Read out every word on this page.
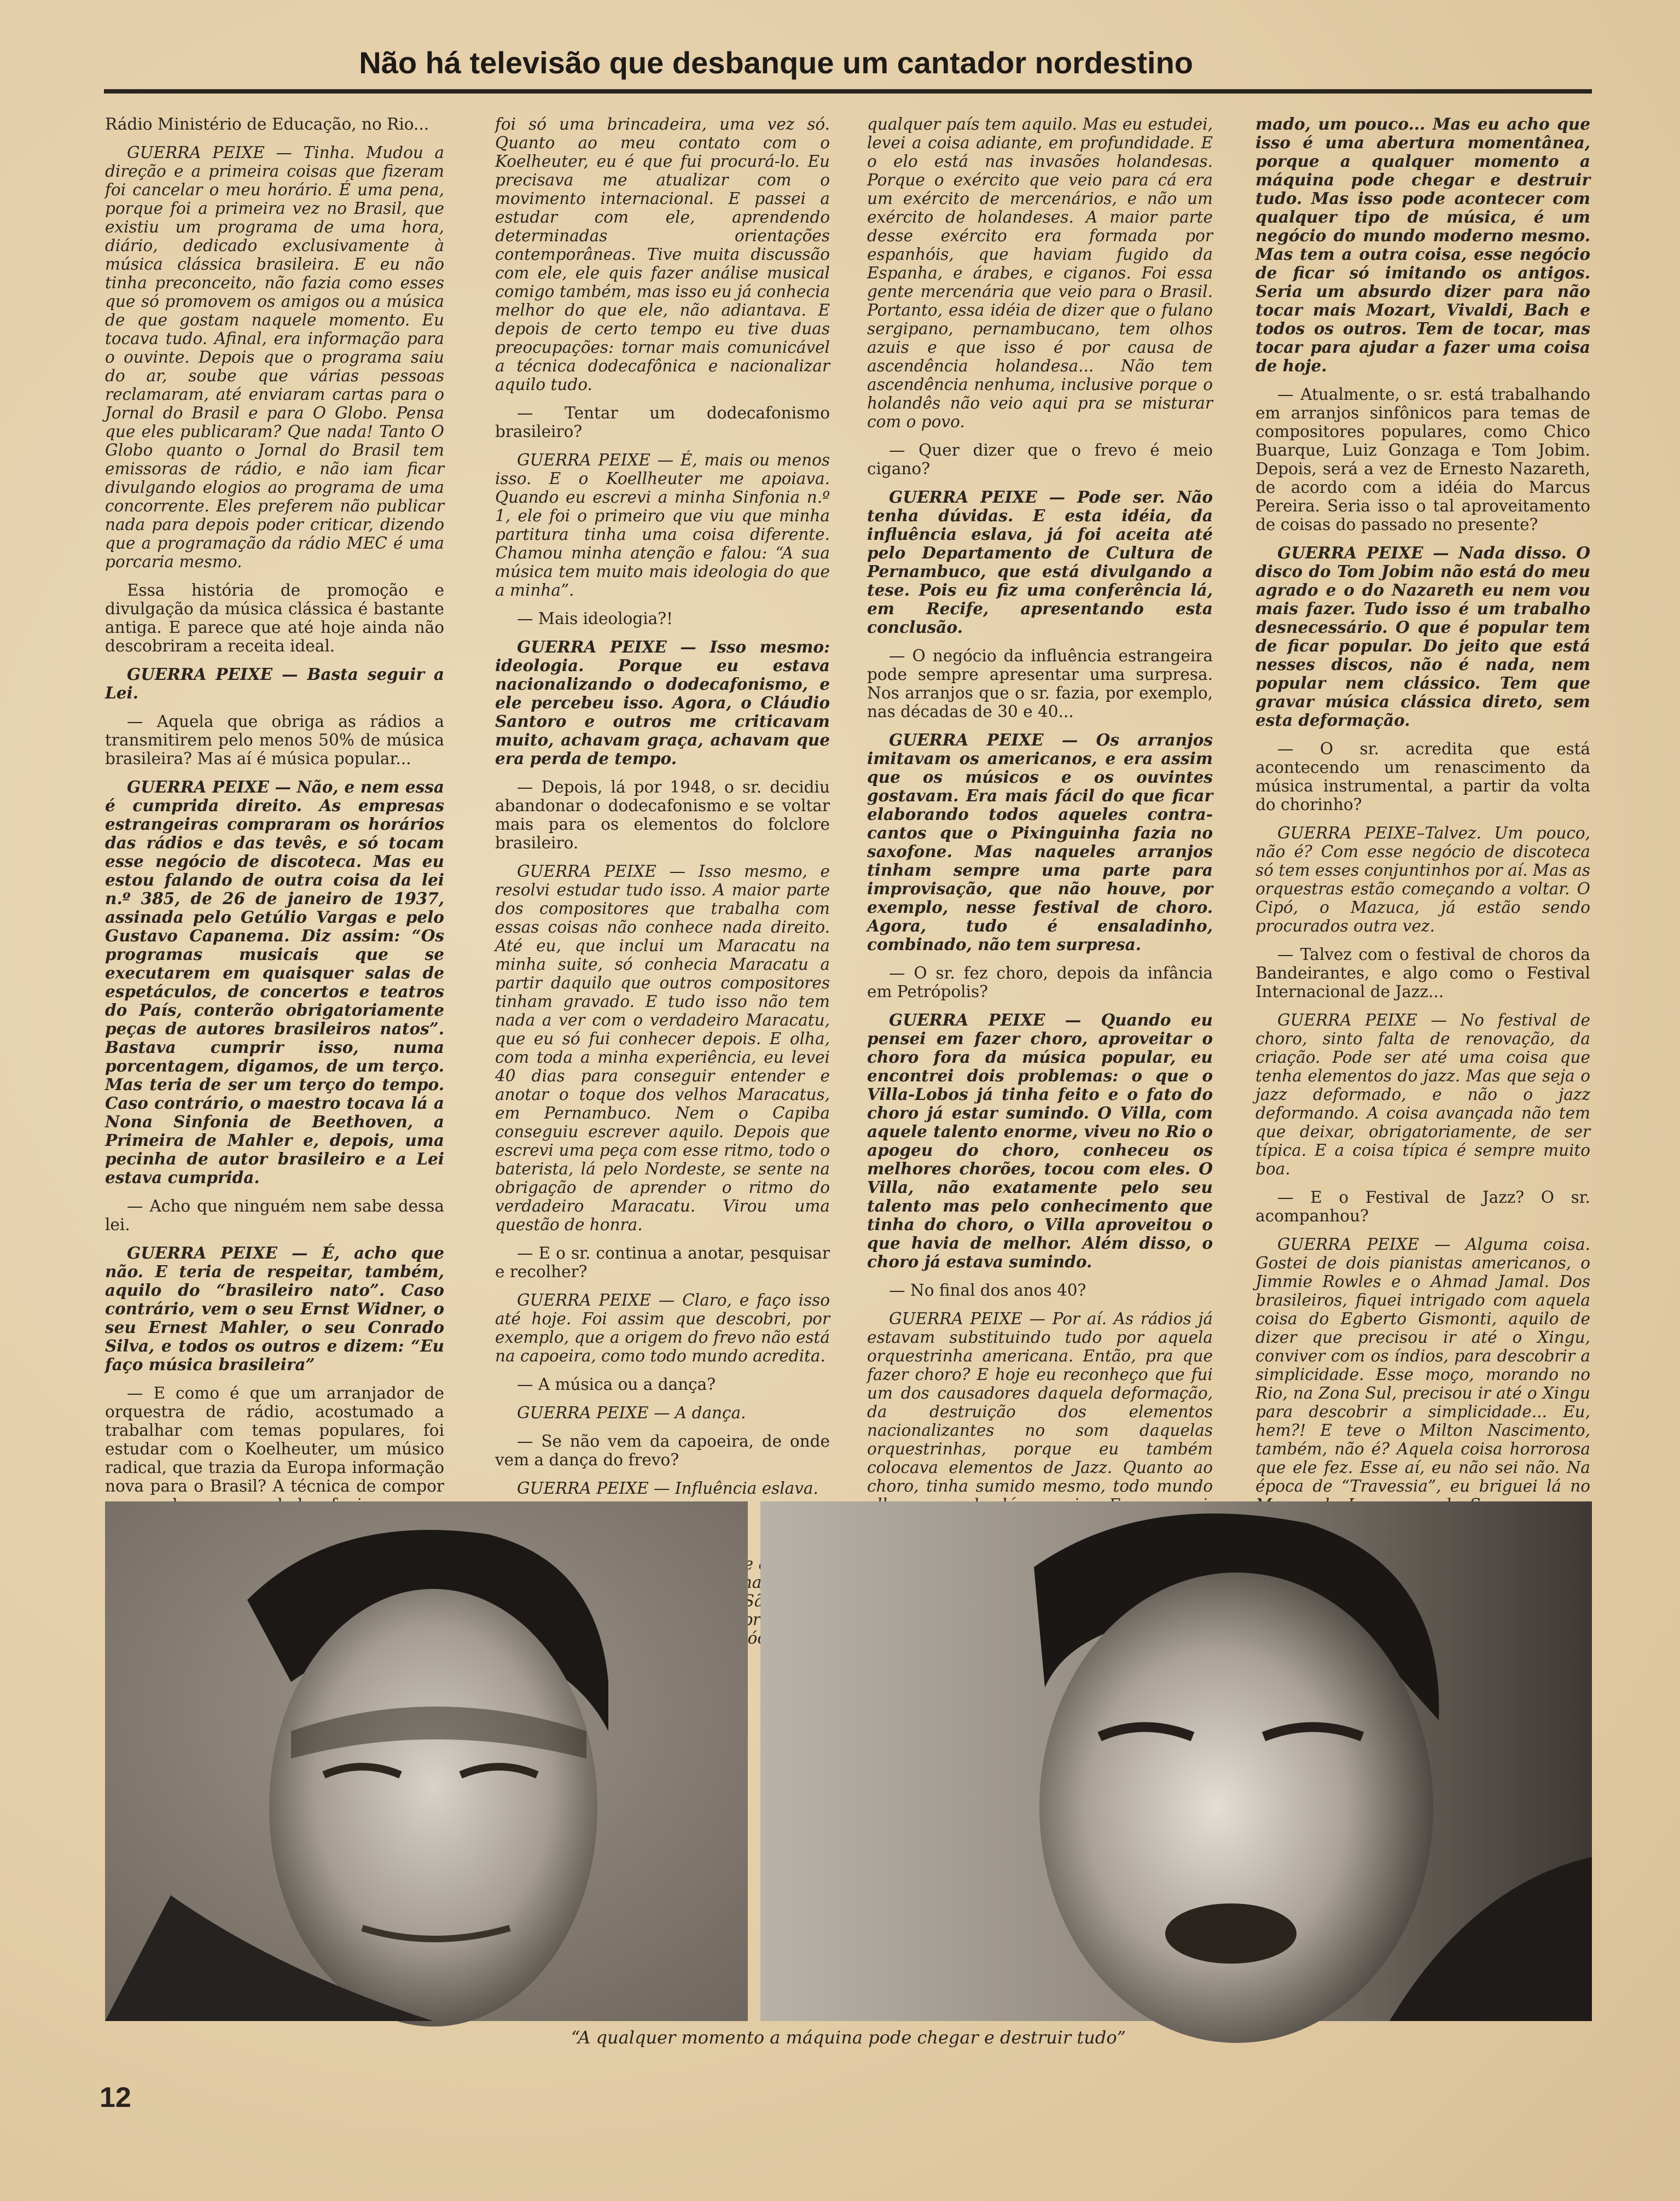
Não há televisão que desbanque um cantador nordestino

Rádio Ministério de Educação, no Rio...

GUERRA PEIXE — Tinha. Mudou a direção e a primeira coisas que fizeram foi cancelar o meu horário. É uma pena, porque foi a primeira vez no Brasil, que existiu um programa de uma hora, diário, dedicado exclusivamente à música clássica brasileira. E eu não tinha preconceito, não fazia como esses que só promovem os amigos ou a música de que gostam naquele momento. Eu tocava tudo. Afinal, era informação para o ouvinte. Depois que o programa saiu do ar, soube que várias pessoas reclamaram, até enviaram cartas para o Jornal do Brasil e para O Globo. Pensa que eles publicaram? Que nada! Tanto O Globo quanto o Jornal do Brasil tem emissoras de rádio, e não iam ficar divulgando elogios ao programa de uma concorrente. Eles preferem não publicar nada para depois poder criticar, dizendo que a programação da rádio MEC é uma porcaria mesmo.

Essa história de promoção e divulgação da música clássica é bastante antiga. E parece que até hoje ainda não descobriram a receita ideal.

GUERRA PEIXE — Basta seguir a Lei.

— Aquela que obriga as rádios a transmitirem pelo menos 50% de música brasileira? Mas aí é música popular...

GUERRA PEIXE — Não, e nem essa é cumprida direito. As empresas estrangeiras compraram os horários das rádios e das tevês, e só tocam esse negócio de discoteca. Mas eu estou falando de outra coisa da lei n.º 385, de 26 de janeiro de 1937, assinada pelo Getúlio Vargas e pelo Gustavo Capanema. Diz assim: “Os programas musicais que se executarem em quaisquer salas de espetáculos, de concertos e teatros do País, conterão obrigatoriamente peças de autores brasileiros natos”. Bastava cumprir isso, numa porcentagem, digamos, de um terço. Mas teria de ser um terço do tempo. Caso contrário, o maestro tocava lá a Nona Sinfonia de Beethoven, a Primeira de Mahler e, depois, uma pecinha de autor brasileiro e a Lei estava cumprida.

— Acho que ninguém nem sabe dessa lei.

GUERRA PEIXE — É, acho que não. E teria de respeitar, também, aquilo do “brasileiro nato”. Caso contrário, vem o seu Ernst Widner, o seu Ernest Mahler, o seu Conrado Silva, e todos os outros e dizem: “Eu faço música brasileira”

— E como é que um arranjador de orquestra de rádio, acostumado a trabalhar com temas populares, foi estudar com o Koelheuter, um músico radical, que trazia da Europa informação nova para o Brasil? A técnica de compor

foi só uma brincadeira, uma vez só. Quanto ao meu contato com o Koelheuter, eu é que fui procurá-lo. Eu precisava me atualizar com o movimento internacional. E passei a estudar com ele, aprendendo determinadas orientações contemporâneas. Tive muita discussão com ele, ele quis fazer análise musical comigo também, mas isso eu já conhecia melhor do que ele, não adiantava. E depois de certo tempo eu tive duas preocupações: tornar mais comunicável a técnica dodecafônica e nacionalizar aquilo tudo.

— Tentar um dodecafonismo brasileiro?

GUERRA PEIXE — É, mais ou menos isso. E o Koellheuter me apoiava. Quando eu escrevi a minha Sinfonia n.º 1, ele foi o primeiro que viu que minha partitura tinha uma coisa diferente. Chamou minha atenção e falou: “A sua música tem muito mais ideologia do que a minha”.

— Mais ideologia?!

GUERRA PEIXE — Isso mesmo: ideologia. Porque eu estava nacionalizando o dodecafonismo, e ele percebeu isso. Agora, o Cláudio Santoro e outros me criticavam muito, achavam graça, achavam que era perda de tempo.

— Depois, lá por 1948, o sr. decidiu abandonar o dodecafonismo e se voltar mais para os elementos do folclore brasileiro.

GUERRA PEIXE — Isso mesmo, e resolvi estudar tudo isso. A maior parte dos compositores que trabalha com essas coisas não conhece nada direito. Até eu, que inclui um Maracatu na minha suite, só conhecia Maracatu a partir daquilo que outros compositores tinham gravado. E tudo isso não tem nada a ver com o verdadeiro Maracatu, que eu só fui conhecer depois. E olha, com toda a minha experiência, eu levei 40 dias para conseguir entender e anotar o toque dos velhos Maracatus, em Pernambuco. Nem o Capiba conseguiu escrever aquilo. Depois que escrevi uma peça com esse ritmo, todo o baterista, lá pelo Nordeste, se sente na obrigação de aprender o ritmo do verdadeiro Maracatu. Virou uma questão de honra.

— E o sr. continua a anotar, pesquisar e recolher?

GUERRA PEIXE — Claro, e faço isso até hoje. Foi assim que descobri, por exemplo, que a origem do frevo não está na capoeira, como todo mundo acredita.

— A música ou a dança?

GUERRA PEIXE — A dança.

— Se não vem da capoeira, de onde vem a dança do frevo?

GUERRA PEIXE — Influência eslava.

na São negócio

qualquer país tem aquilo. Mas eu estudei, levei a coisa adiante, em profundidade. E o elo está nas invasões holandesas. Porque o exército que veio para cá era um exército de mercenários, e não um exército de holandeses. A maior parte desse exército era formada por espanhóis, que haviam fugido da Espanha, e árabes, e ciganos. Foi essa gente mercenária que veio para o Brasil. Portanto, essa idéia de dizer que o fulano sergipano, pernambucano, tem olhos azuis e que isso é por causa de ascendência holandesa... Não tem ascendência nenhuma, inclusive porque o holandês não veio aqui pra se misturar com o povo.

— Quer dizer que o frevo é meio cigano?

GUERRA PEIXE — Pode ser. Não tenha dúvidas. E esta idéia, da influência eslava, já foi aceita até pelo Departamento de Cultura de Pernambuco, que está divulgando a tese. Pois eu fiz uma conferência lá, em Recife, apresentando esta conclusão.

— O negócio da influência estrangeira pode sempre apresentar uma surpresa. Nos arranjos que o sr. fazia, por exemplo, nas décadas de 30 e 40...

GUERRA PEIXE — Os arranjos imitavam os americanos, e era assim que os músicos e os ouvintes gostavam. Era mais fácil do que ficar elaborando todos aqueles contra-cantos que o Pixinguinha fazia no saxofone. Mas naqueles arranjos tinham sempre uma parte para improvisação, que não houve, por exemplo, nesse festival de choro. Agora, tudo é ensaladinho, combinado, não tem surpresa.

— O sr. fez choro, depois da infância em Petrópolis?

GUERRA PEIXE — Quando eu pensei em fazer choro, aproveitar o choro fora da música popular, eu encontrei dois problemas: o que o Villa-Lobos já tinha feito e o fato do choro já estar sumindo. O Villa, com aquele talento enorme, viveu no Rio o apogeu do choro, conheceu os melhores chorões, tocou com eles. O Villa, não exatamente pelo seu talento mas pelo conhecimento que tinha do choro, o Villa aproveitou o que havia de melhor. Além disso, o choro já estava sumindo.

— No final dos anos 40?

GUERRA PEIXE — Por aí. As rádios já estavam substituindo tudo por aquela orquestrinha americana. Então, pra que fazer choro? E hoje eu reconheço que fui um dos causadores daquela deformação, da destruição dos elementos nacionalizantes no som daquelas orquestrinhas, porque eu também colocava elementos de Jazz. Quanto ao choro, tinha sumido mesmo, todo mundo

mado, um pouco... Mas eu acho que isso é uma abertura momentânea, porque a qualquer momento a máquina pode chegar e destruir tudo. Mas isso pode acontecer com qualquer tipo de música, é um negócio do mundo moderno mesmo. Mas tem a outra coisa, esse negócio de ficar só imitando os antigos. Seria um absurdo dizer para não tocar mais Mozart, Vivaldi, Bach e todos os outros. Tem de tocar, mas tocar para ajudar a fazer uma coisa de hoje.

— Atualmente, o sr. está trabalhando em arranjos sinfônicos para temas de compositores populares, como Chico Buarque, Luiz Gonzaga e Tom Jobim. Depois, será a vez de Ernesto Nazareth, de acordo com a idéia do Marcus Pereira. Seria isso o tal aproveitamento de coisas do passado no presente?

GUERRA PEIXE — Nada disso. O disco do Tom Jobim não está do meu agrado e o do Nazareth eu nem vou mais fazer. Tudo isso é um trabalho desnecessário. O que é popular tem de ficar popular. Do jeito que está nesses discos, não é nada, nem popular nem clássico. Tem que gravar música clássica direto, sem esta deformação.

— O sr. acredita que está acontecendo um renascimento da música instrumental, a partir da volta do chorinho?

GUERRA PEIXE–Talvez. Um pouco, não é? Com esse negócio de discoteca só tem esses conjuntinhos por aí. Mas as orquestras estão começando a voltar. O Cipó, o Mazuca, já estão sendo procurados outra vez.

— Talvez com o festival de choros da Bandeirantes, e algo como o Festival Internacional de Jazz...

GUERRA PEIXE — No festival de choro, sinto falta de renovação, da criação. Pode ser até uma coisa que tenha elementos do jazz. Mas que seja o jazz deformado, e não o jazz deformando. A coisa avançada não tem que deixar, obrigatoriamente, de ser típica. E a coisa típica é sempre muito boa.

— E o Festival de Jazz? O sr. acompanhou?

GUERRA PEIXE — Alguma coisa. Gostei de dois pianistas americanos, o Jimmie Rowles e o Ahmad Jamal. Dos brasileiros, fiquei intrigado com aquela coisa do Egberto Gismonti, aquilo de dizer que precisou ir até o Xingu, conviver com os índios, para descobrir a simplicidade. Esse moço, morando no Rio, na Zona Sul, precisou ir até o Xingu para descobrir a simplicidade... Eu, hem?! E teve o Milton Nascimento, também, não é? Aquela coisa horrorosa que ele fez. Esse aí, eu não sei não. Na época de “Travessia”, eu briguei lá no

“A qualquer momento a máquina pode chegar e destruir tudo”
12
